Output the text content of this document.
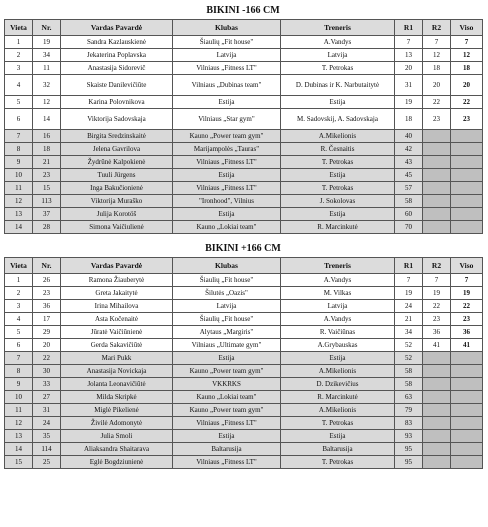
BIKINI -166 CM
Vieta	Nr.	Vardas Pavardė	Klubas	Treneris	R1	R2	Viso
1	19	Sandra Kazlauskienė	Šiaulių „Fit house"	A.Vandys	7	7	7
2	34	Jekaterina Poplavska	Latvija	Latvija	13	12	12
3	11	Anastasija Sidorevič	Vilniaus „Fitness LT"	T. Petrokas	20	18	18
4	32	Skaiste Danilevičiūte	Vilniaus „Dubinas team"	D. Dubinas ir K. Narbutaitytė	31	20	20
5	12	Karina Polovnikova	Estija	Estija	19	22	22
6	14	Viktorija Sadovskaja	Vilniaus „Star gym"	M. Sadovskij, A. Sadovskaja	18	23	23
7	16	Birgita Sredzinskaitė	Kauno „Power team gym"	A.Mikelionis	40		
8	18	Jelena Gavrilova	Marijampolės „Tauras"	R. Česnaitis	42		
9	21	Žydrūnė Kalpokienė	Vilniaus „Fitness LT"	T. Petrokas	43		
10	23	Tuuli Jürgens	Estija	Estija	45		
11	15	Inga Bakučionienė	Vilniaus „Fitness LT"	T. Petrokas	57		
12	113	Viktorija Muraško	"Ironhood", Vilnius	J. Sokolovas	58		
13	37	Julija Korotöš	Estija	Estija	60		
14	28	Simona Vaičiulienė	Kauno „Lokiai team"	R. Marcinkutė	70		
BIKINI +166 CM
Vieta	Nr.	Vardas Pavardė	Klubas	Treneris	R1	R2	Viso
1	26	Ramona Žiauberytė	Šiaulių „Fit house"	A.Vandys	7	7	7
2	23	Greta Jakaitytė	Šilutės „Oazis"	M. Vilkas	19	19	19
3	36	Irina Mihailova	Latvija	Latvija	24	22	22
4	17	Asta Kočenaitė	Šiaulių „Fit house"	A.Vandys	21	23	23
5	29	Jūratė Vaičiūnienė	Alytaus „Margiris"	R. Vaičiūnas	34	36	36
6	20	Gerda Sakavičiūtė	Vilniaus „Ultimate gym"	A.Grybauskas	52	41	41
7	22	Mari Pukk	Estija	Estija	52		
8	30	Anastasija Novickaja	Kauno „Power team gym"	A.Mikelionis	58		
9	33	Jolanta Leonavičiūtė	VKKRKS	D. Dzikevičius	58		
10	27	Milda Skripkė	Kauno „Lokiai team"	R. Marcinkutė	63		
11	31	Miglė Pikelienė	Kauno „Power team gym"	A.Mikelionis	79		
12	24	Živilė Adomonytė	Vilniaus „Fitness LT"	T. Petrokas	83		
13	35	Julia Smoli	Estija	Estija	93		
14	114	Aliaksandra Shaitarava	Baltarusija	Baltarusija	95		
15	25	Eglė Bogdziunienė	Vilniaus „Fitness LT"	T. Petrokas	95		
